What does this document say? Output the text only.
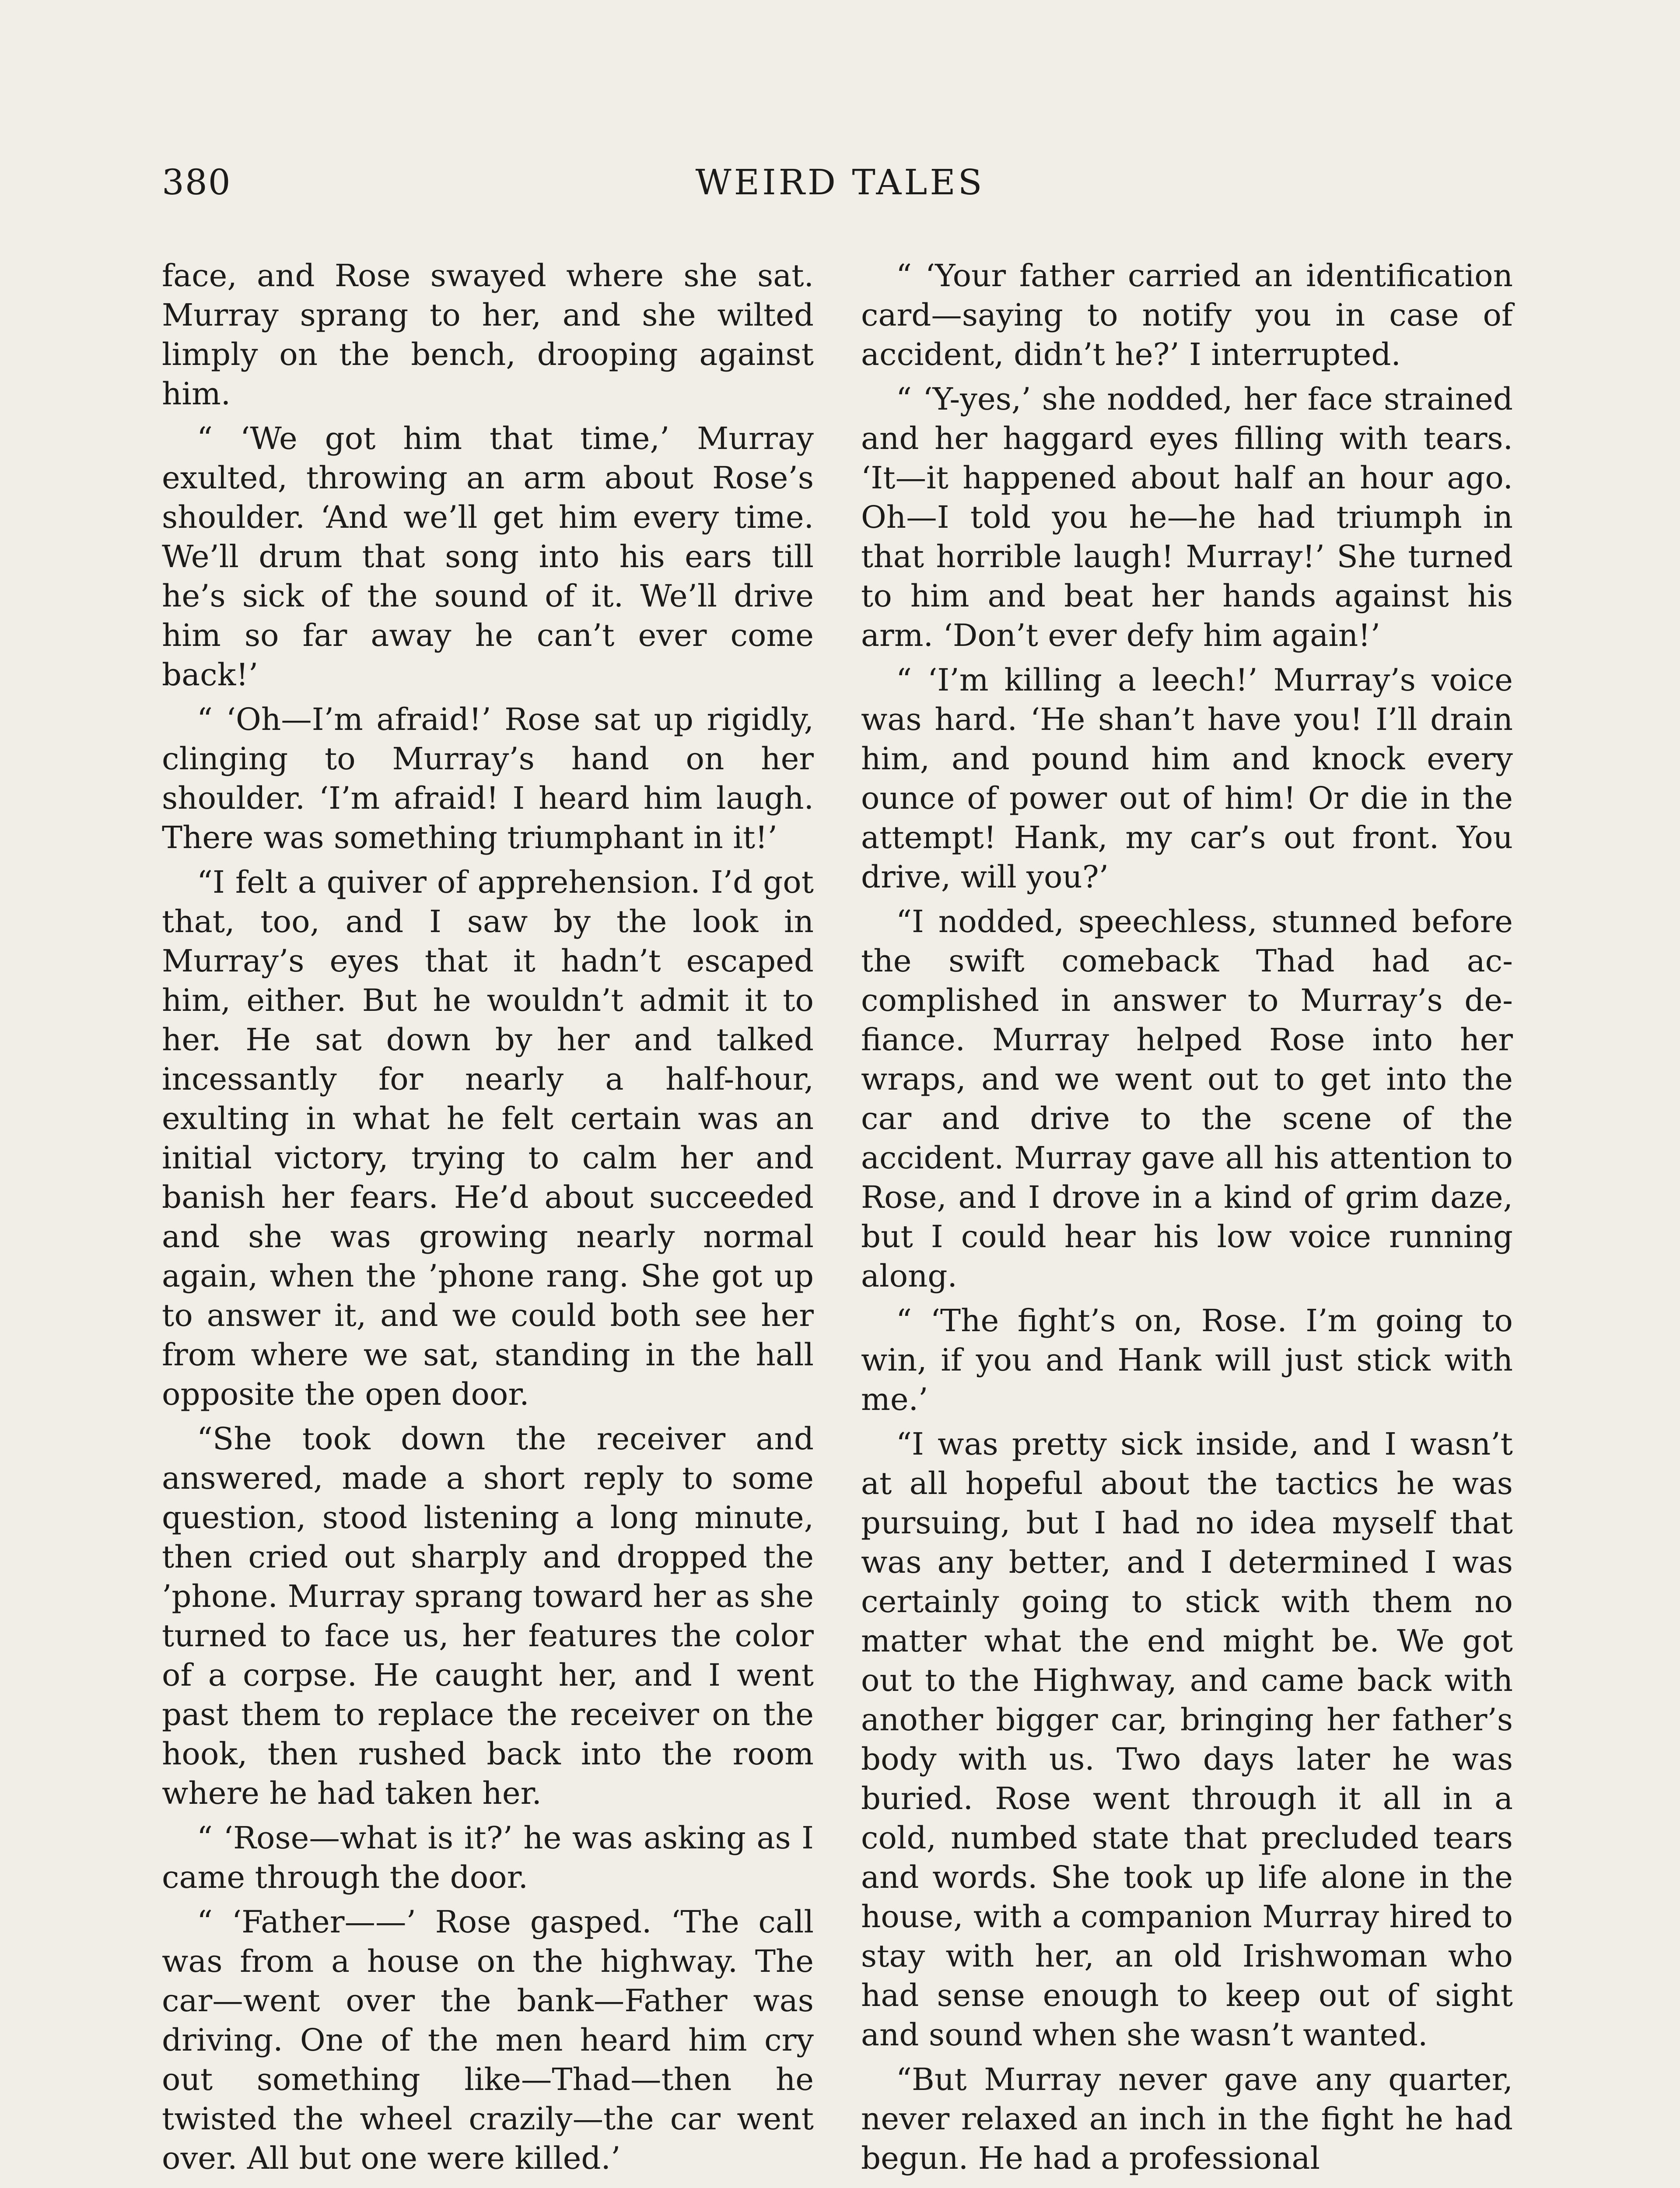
380	WEIRD TALES

face, and Rose swayed where she sat. Murray sprang to her, and she wilted limply on the bench, drooping against him.

“ ‘We got him that time,’ Murray exulted, throwing an arm about Rose’s shoulder. ‘And we’ll get him every time. We’ll drum that song into his ears till he’s sick of the sound of it. We’ll drive him so far away he can’t ever come back!’

“ ‘Oh—I’m afraid!’ Rose sat up rigidly, clinging to Murray’s hand on her shoulder. ‘I’m afraid! I heard him laugh. There was something triumphant in it!’

“I felt a quiver of apprehension. I’d got that, too, and I saw by the look in Murray’s eyes that it hadn’t escaped him, either. But he wouldn’t admit it to her. He sat down by her and talked incessantly for nearly a half-hour, exulting in what he felt certain was an initial victory, trying to calm her and banish her fears. He’d about succeeded and she was growing nearly normal again, when the ’phone rang. She got up to answer it, and we could both see her from where we sat, standing in the hall opposite the open door.

“She took down the receiver and answered, made a short reply to some question, stood listening a long minute, then cried out sharply and dropped the ’phone. Murray sprang toward her as she turned to face us, her features the color of a corpse. He caught her, and I went past them to replace the receiver on the hook, then rushed back into the room where he had taken her.

“ ‘Rose—what is it?’ he was asking as I came through the door.

“ ‘Father——’ Rose gasped. ‘The call was from a house on the highway. The car—went over the bank—Father was driving. One of the men heard him cry out something like—Thad—then he twisted the wheel crazily—the car went over. All but one were killed.’

“ ‘Your father carried an identification card—saying to notify you in case of accident, didn’t he?’ I interrupted.

“ ‘Y-yes,’ she nodded, her face strained and her haggard eyes filling with tears. ‘It—it happened about half an hour ago. Oh—I told you he—he had triumph in that horrible laugh! Murray!’ She turned to him and beat her hands against his arm. ‘Don’t ever defy him again!’

“ ‘I’m killing a leech!’ Murray’s voice was hard. ‘He shan’t have you! I’ll drain him, and pound him and knock every ounce of power out of him! Or die in the attempt! Hank, my car’s out front. You drive, will you?’

“I nodded, speechless, stunned before the swift comeback Thad had accomplished in answer to Murray’s defiance. Murray helped Rose into her wraps, and we went out to get into the car and drive to the scene of the accident. Murray gave all his attention to Rose, and I drove in a kind of grim daze, but I could hear his low voice running along.

“ ‘The fight’s on, Rose. I’m going to win, if you and Hank will just stick with me.’

“I was pretty sick inside, and I wasn’t at all hopeful about the tactics he was pursuing, but I had no idea myself that was any better, and I determined I was certainly going to stick with them no matter what the end might be. We got out to the Highway, and came back with another bigger car, bringing her father’s body with us. Two days later he was buried. Rose went through it all in a cold, numbed state that precluded tears and words. She took up life alone in the house, with a companion Murray hired to stay with her, an old Irishwoman who had sense enough to keep out of sight and sound when she wasn’t wanted.

“But Murray never gave any quarter, never relaxed an inch in the fight he had begun. He had a professional
